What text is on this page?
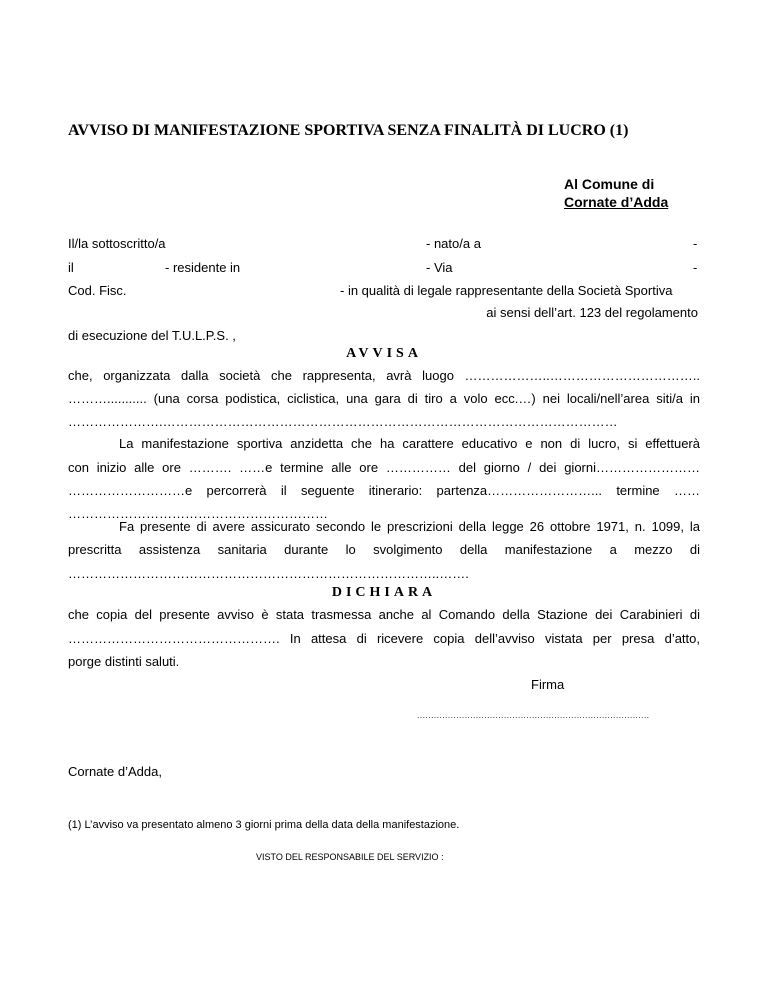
AVVISO DI MANIFESTAZIONE SPORTIVA SENZA FINALITÀ DI LUCRO (1)
Al Comune di
Cornate d’Adda
Il/la sottoscritto/a	- nato/a a	-
il	- residente in	- Via	-
Cod. Fisc.	- in qualità di legale rappresentante della Società Sportiva
ai sensi dell’art. 123 del regolamento
di esecuzione del T.U.L.P.S. ,
AVVISA
che, organizzata dalla società che rappresenta, avrà luogo ………………..……………………………..
………........... (una corsa podistica, ciclistica, una gara di tiro a volo ecc.…) nei locali/nell’area siti/a in
………………….……………………………………………………………………………………………
La manifestazione sportiva anzidetta che ha carattere educativo e non di lucro, si effettuerà
con inizio alle ore ………. ……e termine alle ore …………… del giorno / dei giorni……………………
………………………e percorrerà il seguente itinerario: partenza……………………... termine ……
……………………………………………………
Fa presente di avere assicurato secondo le prescrizioni della legge 26 ottobre 1971, n. 1099, la
prescritta assistenza sanitaria durante lo svolgimento della manifestazione a mezzo di
…………………………………………………………………………..…….
DICHIARA
che copia del presente avviso è stata trasmessa anche al Comando della Stazione dei Carabinieri di
…………………………………………. In attesa di ricevere copia dell’avviso vistata per presa d’atto,
porge distinti saluti.
Firma
...................................................................................
Cornate d’Adda,
(1) L’avviso va presentato almeno 3 giorni prima della data della manifestazione.
VISTO DEL RESPONSABILE DEL SERVIZIO :
